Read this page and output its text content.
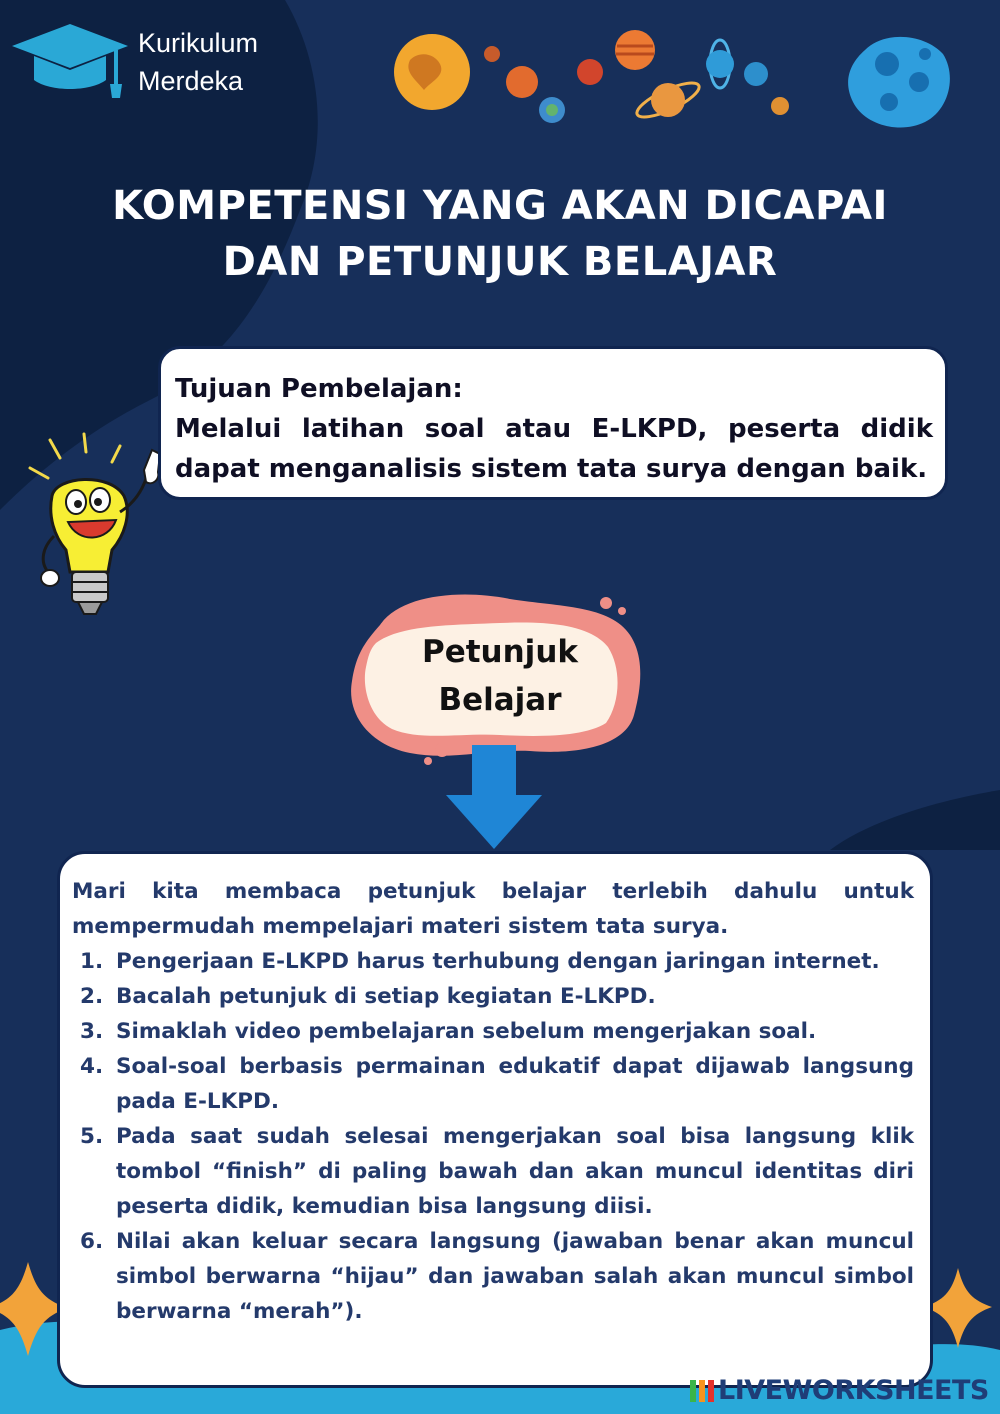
Kurikulum
Merdeka
KOMPETENSI YANG AKAN DICAPAI
DAN PETUNJUK BELAJAR
Tujuan Pembelajan:
Melalui latihan soal atau E-LKPD, peserta didik dapat menganalisis sistem tata surya dengan baik.
Petunjuk
Belajar
Mari kita membaca petunjuk belajar terlebih dahulu untuk mempermudah mempelajari materi sistem tata surya.
1. Pengerjaan E-LKPD harus terhubung dengan jaringan internet.
2. Bacalah petunjuk di setiap kegiatan E-LKPD.
3. Simaklah video pembelajaran sebelum mengerjakan soal.
4. Soal-soal berbasis permainan edukatif dapat dijawab langsung pada E-LKPD.
5. Pada saat sudah selesai mengerjakan soal bisa langsung klik tombol “finish” di paling bawah dan akan muncul identitas diri peserta didik, kemudian bisa langsung diisi.
6. Nilai akan keluar secara langsung (jawaban benar akan muncul simbol berwarna “hijau” dan jawaban salah akan muncul simbol berwarna “merah”).
LIVEWORKSHEETS
